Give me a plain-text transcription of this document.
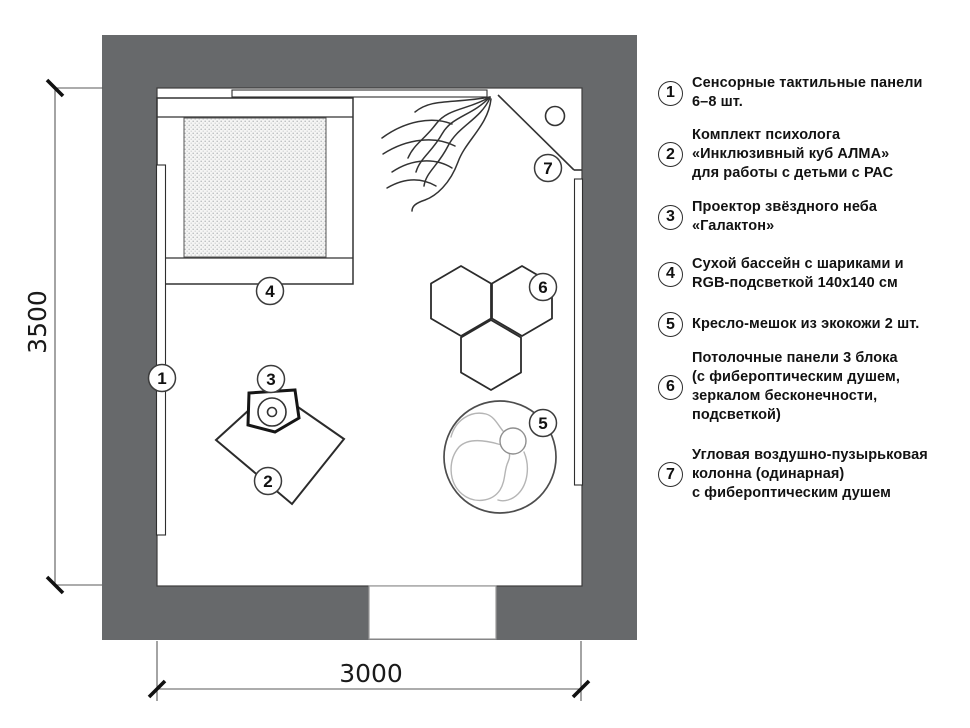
1
2
3
4
5
6
7
3500
3000
1
Сенсорные тактильные панели
6–8 шт.
2
Комплект психолога
«Инклюзивный куб АЛМА»
для работы с детьми с РАС
3
Проектор звёздного неба
«Галактон»
4
Сухой бассейн с шариками и
RGB-подсветкой 140х140 см
5 Кресло-мешок из экокожи 2 шт.
6
Потолочные панели 3 блока
(с фибероптическим душем,
зеркалом бесконечности,
подсветкой)
7
Угловая воздушно-пузырьковая
колонна (одинарная)
с фибероптическим душем
